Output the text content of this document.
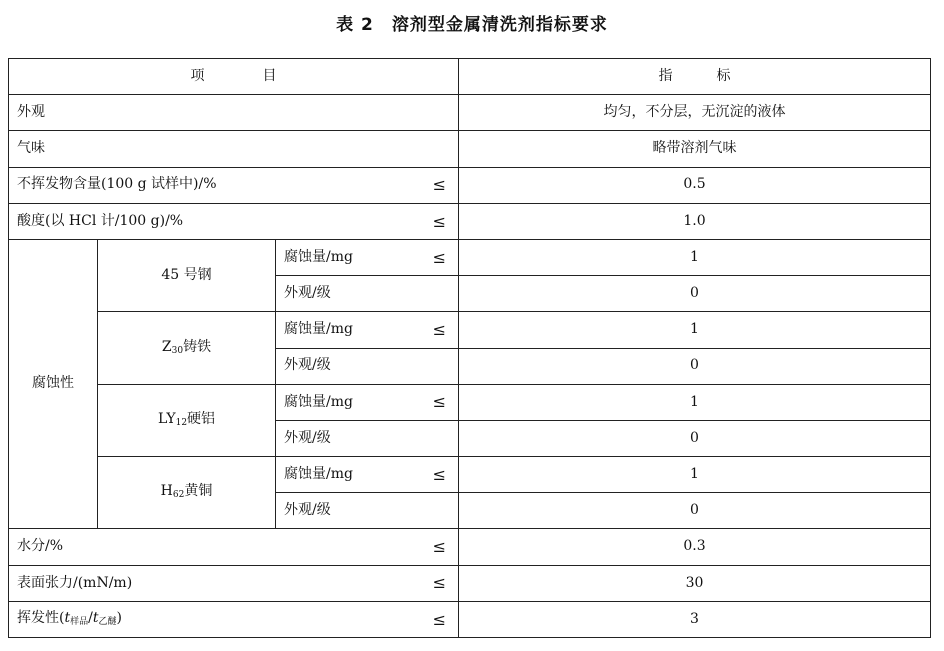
表 2　溶剂型金属清洗剂指标要求
项 目			指 标
外观			均匀，不分层，无沉淀的液体
气味			略带溶剂气味

不挥发物含量(100 g 试样中)/% ≤			0.5

酸度(以 HCl 计/100 g)/% ≤			1.0
腐蚀性	45 号钢	腐蚀量/mg ≤	1
		外观/级	0
	$Z_{30}$铸铁	腐蚀量/mg ≤	1
		外观/级	0
	$LY_{12}$硬铝	腐蚀量/mg ≤	1
		外观/级	0
	$H_{62}$黄铜	腐蚀量/mg ≤	1
		外观/级	0

水分/% ≤			0.3

表面张力/(mN/m) ≤			30

挥发性$(t_{样品}/t_{乙醚})$ ≤			3
